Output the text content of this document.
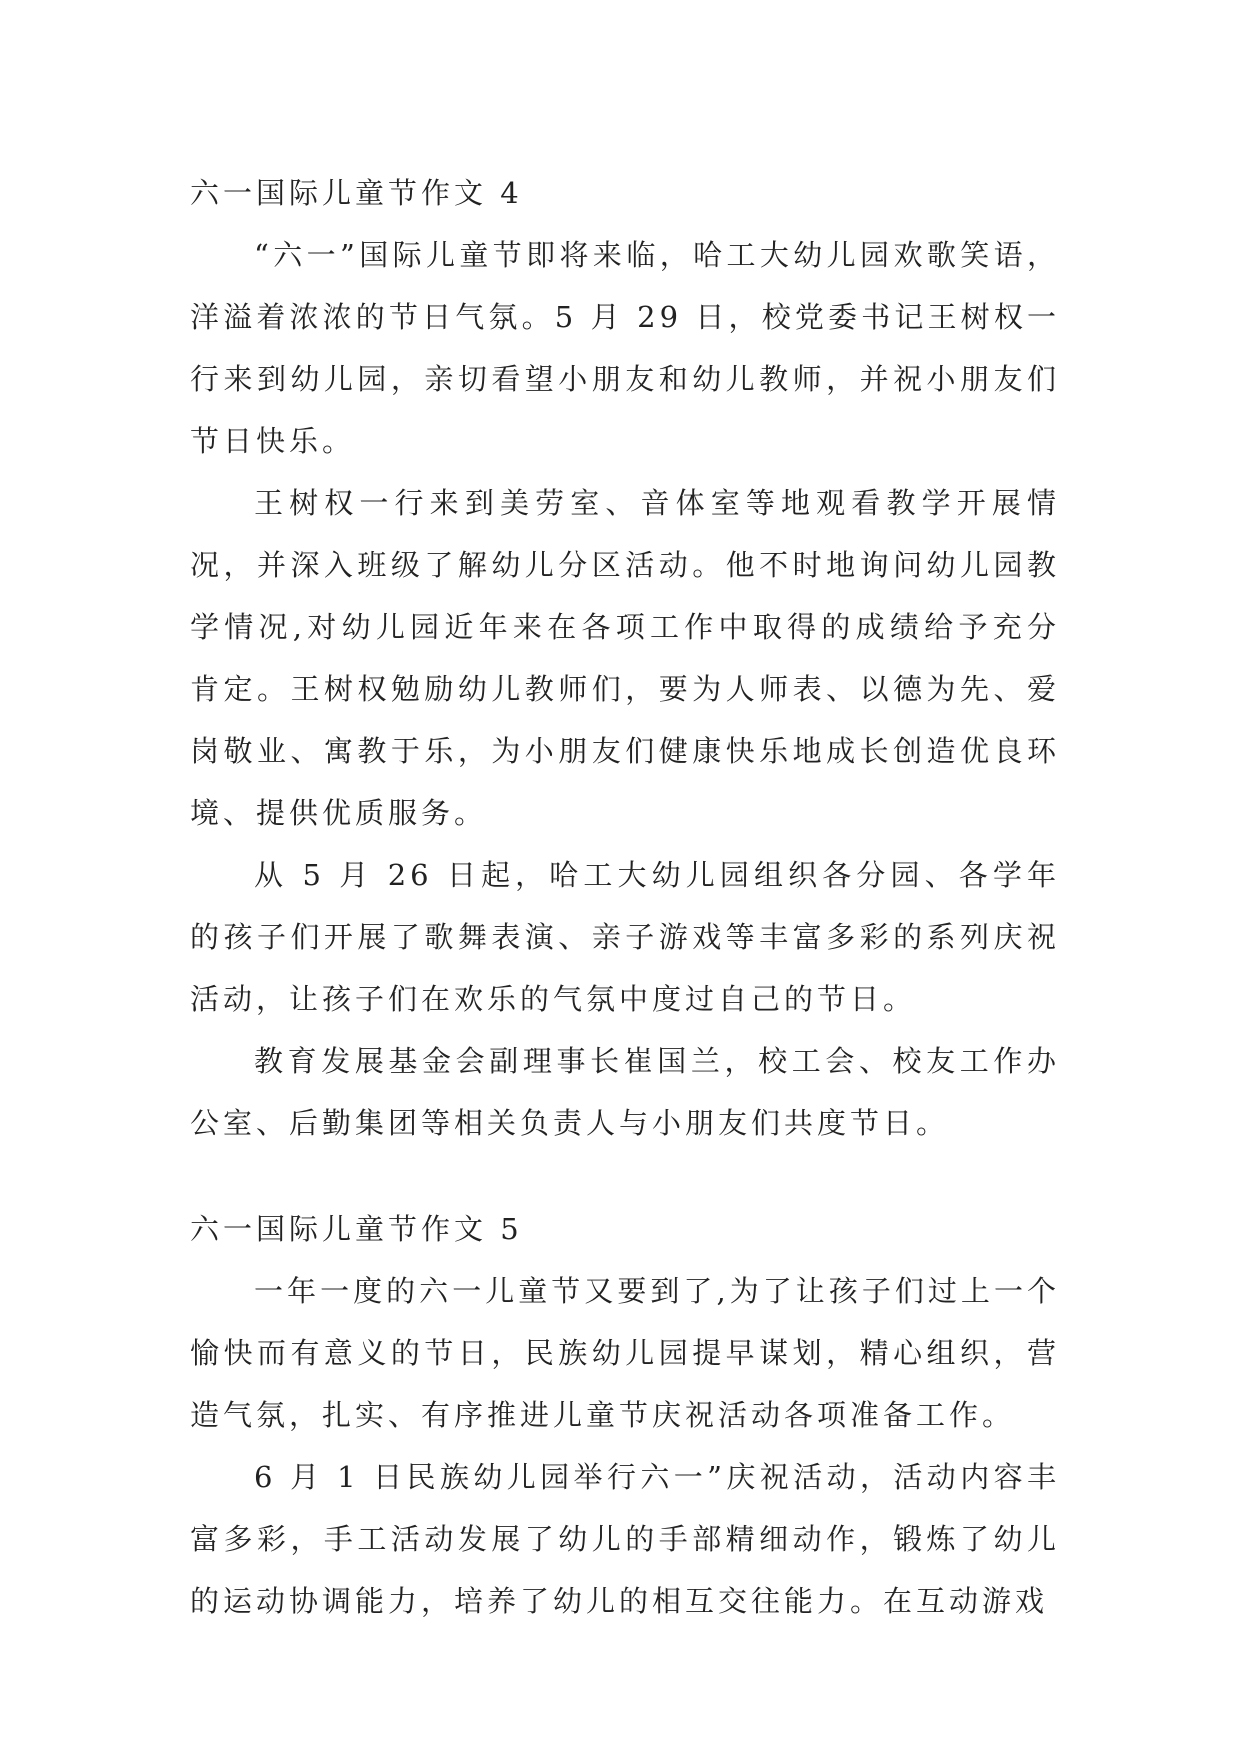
六一国际儿童节作文 4

“六一”国际儿童节即将来临，哈工大幼儿园欢歌笑语，洋溢着浓浓的节日气氛。5 月 29 日，校党委书记王树权一行来到幼儿园，亲切看望小朋友和幼儿教师，并祝小朋友们节日快乐。

王树权一行来到美劳室、音体室等地观看教学开展情况，并深入班级了解幼儿分区活动。他不时地询问幼儿园教学情况,对幼儿园近年来在各项工作中取得的成绩给予充分肯定。王树权勉励幼儿教师们，要为人师表、以德为先、爱岗敬业、寓教于乐，为小朋友们健康快乐地成长创造优良环境、提供优质服务。

从 5 月 26 日起，哈工大幼儿园组织各分园、各学年的孩子们开展了歌舞表演、亲子游戏等丰富多彩的系列庆祝活动，让孩子们在欢乐的气氛中度过自己的节日。

教育发展基金会副理事长崔国兰，校工会、校友工作办公室、后勤集团等相关负责人与小朋友们共度节日。

六一国际儿童节作文 5

一年一度的六一儿童节又要到了,为了让孩子们过上一个愉快而有意义的节日，民族幼儿园提早谋划，精心组织，营造气氛，扎实、有序推进儿童节庆祝活动各项准备工作。

6 月 1 日民族幼儿园举行六一”庆祝活动，活动内容丰富多彩，手工活动发展了幼儿的手部精细动作，锻炼了幼儿的运动协调能力，培养了幼儿的相互交往能力。在互动游戏
